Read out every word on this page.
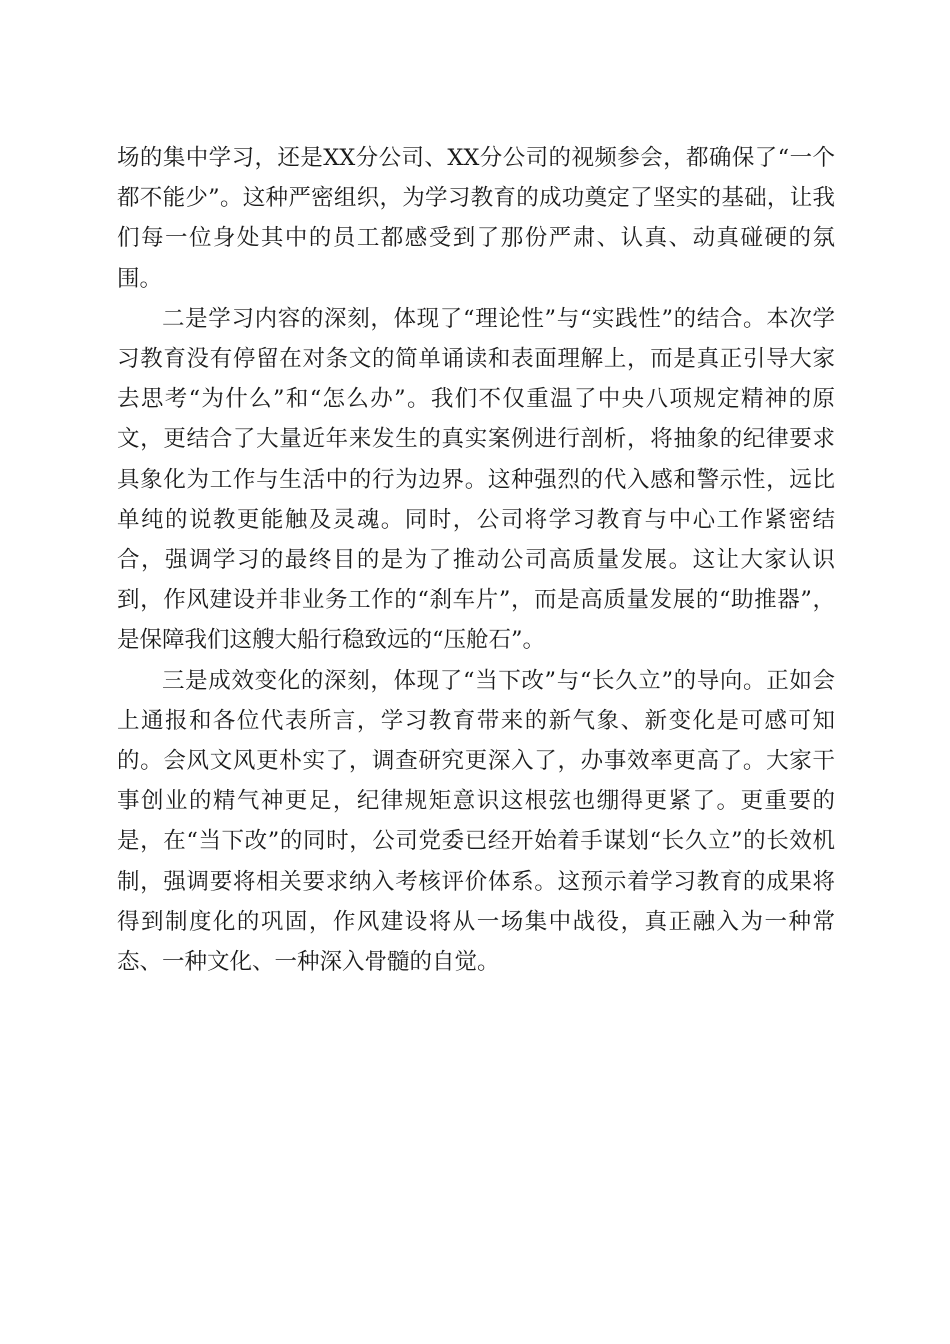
场的集中学习，还是XX分公司、XX分公司的视频参会，都确保了“一个都不能少”。这种严密组织，为学习教育的成功奠定了坚实的基础，让我们每一位身处其中的员工都感受到了那份严肃、认真、动真碰硬的氛围。

二是学习内容的深刻，体现了“理论性”与“实践性”的结合。本次学习教育没有停留在对条文的简单诵读和表面理解上，而是真正引导大家去思考“为什么”和“怎么办”。我们不仅重温了中央八项规定精神的原文，更结合了大量近年来发生的真实案例进行剖析，将抽象的纪律要求具象化为工作与生活中的行为边界。这种强烈的代入感和警示性，远比单纯的说教更能触及灵魂。同时，公司将学习教育与中心工作紧密结合，强调学习的最终目的是为了推动公司高质量发展。这让大家认识到，作风建设并非业务工作的“刹车片”，而是高质量发展的“助推器”，是保障我们这艘大船行稳致远的“压舱石”。

三是成效变化的深刻，体现了“当下改”与“长久立”的导向。正如会上通报和各位代表所言，学习教育带来的新气象、新变化是可感可知的。会风文风更朴实了，调查研究更深入了，办事效率更高了。大家干事创业的精气神更足，纪律规矩意识这根弦也绷得更紧了。更重要的是，在“当下改”的同时，公司党委已经开始着手谋划“长久立”的长效机制，强调要将相关要求纳入考核评价体系。这预示着学习教育的成果将得到制度化的巩固，作风建设将从一场集中战役，真正融入为一种常态、一种文化、一种深入骨髓的自觉。
